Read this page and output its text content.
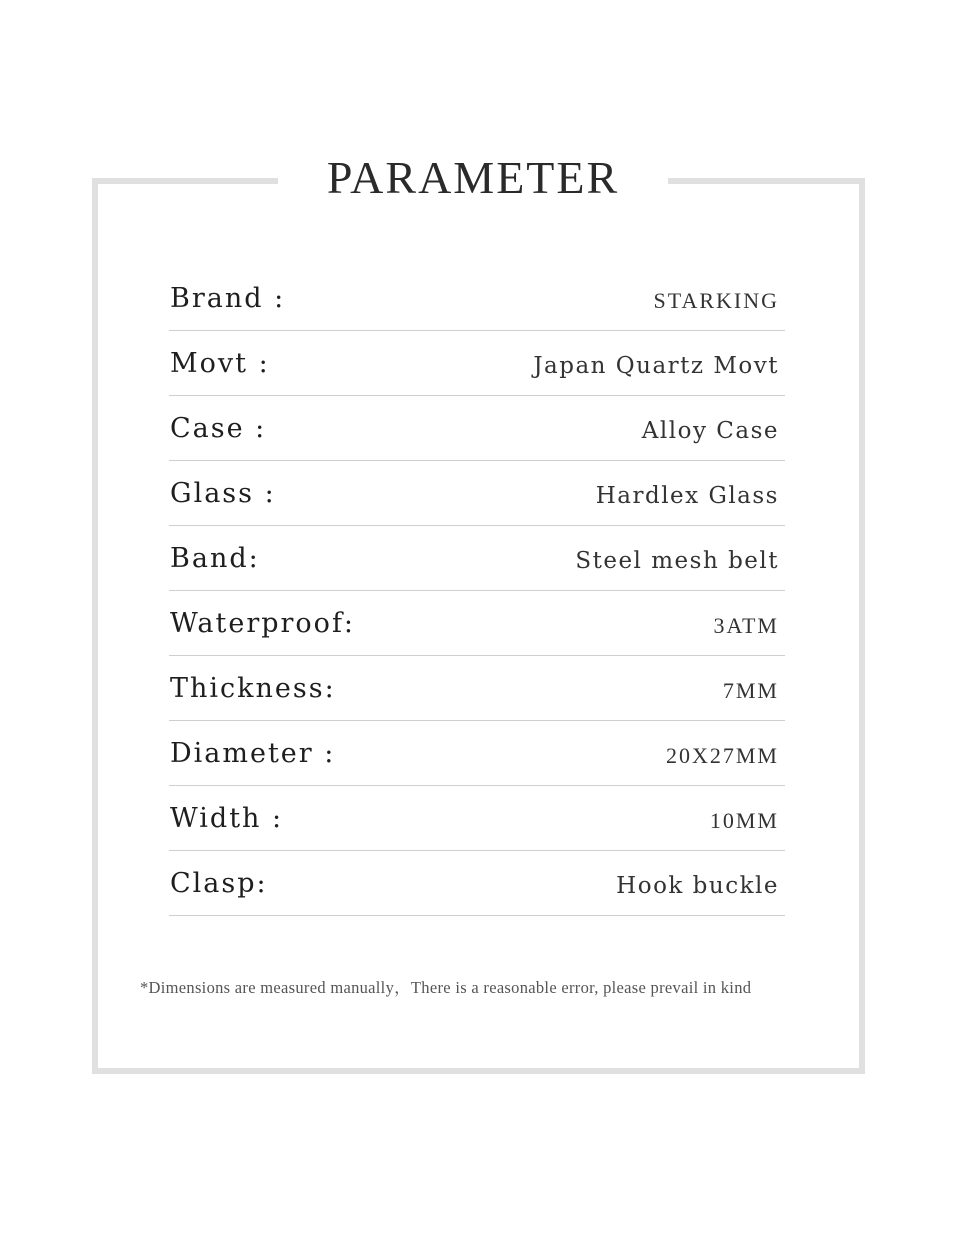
PARAMETER
Brand :	STARKING
Movt :	Japan Quartz Movt
Case :	Alloy Case
Glass :	Hardlex Glass
Band:	Steel mesh belt
Waterproof:	3ATM
Thickness:	7MM
Diameter :	20X27MM
Width :	10MM
Clasp:	Hook buckle
*Dimensions are measured manually，There is a reasonable error, please prevail in kind
